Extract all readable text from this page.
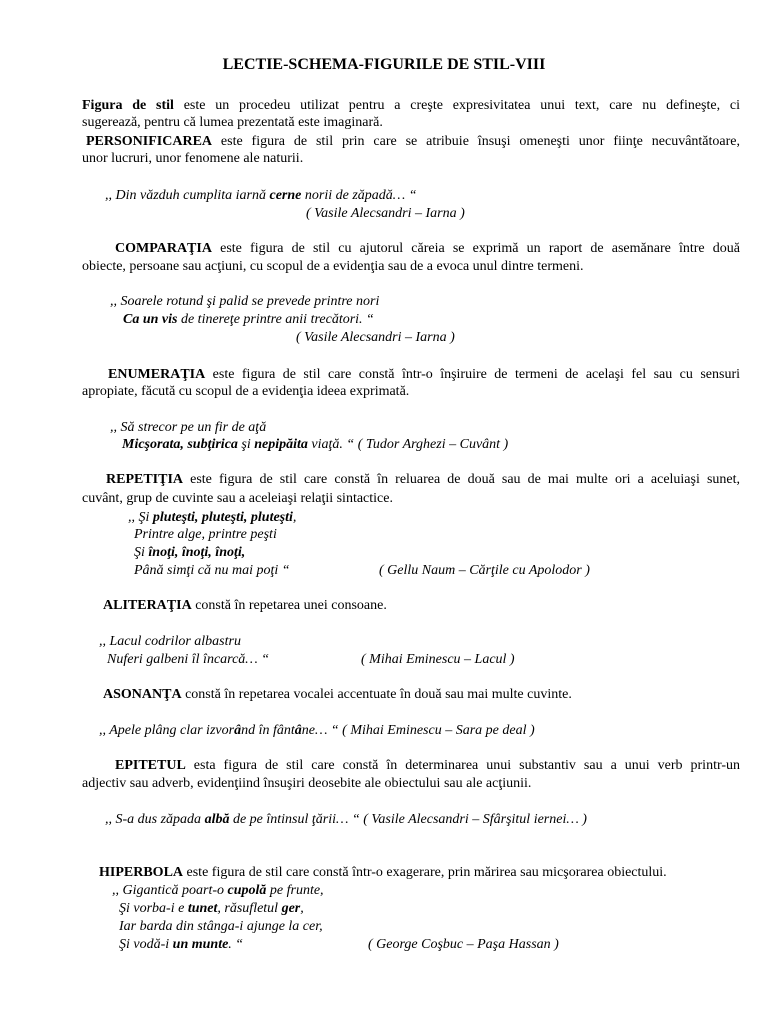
LECTIE-SCHEMA-FIGURILE DE STIL-VIII
Figura de stil este un procedeu utilizat pentru a creşte expresivitatea unui text, care nu defineşte, ci
sugerează, pentru că lumea prezentată este imaginară.
PERSONIFICAREA este figura de stil prin care se atribuie însuşi omeneşti unor fiinţe necuvântătoare,
unor lucruri, unor fenomene ale naturii.
,, Din văzduh cumplita iarnă cerne norii de zăpadă… “
( Vasile Alecsandri – Iarna )
COMPARAŢIA este figura de stil cu ajutorul căreia se exprimă un raport de asemănare între două
obiecte, persoane sau acţiuni, cu scopul de a evidenţia sau de a evoca unul dintre termeni.
,, Soarele rotund şi palid se prevede printre nori
Ca un vis de tinereţe printre anii trecători. “
( Vasile Alecsandri – Iarna )
ENUMERAŢIA este figura de stil care constă într-o înşiruire de termeni de acelaşi fel sau cu sensuri
apropiate, făcută cu scopul de a evidenţia ideea exprimată.
,, Să strecor pe un fir de aţă
Micşorata, subţirica şi nepipăita viaţă. “ ( Tudor Arghezi – Cuvânt )
REPETIŢIA este figura de stil care constă în reluarea de două sau de mai multe ori a aceluiaşi sunet,
cuvânt, grup de cuvinte sau a aceleiaşi relaţii sintactice.
,, Şi pluteşti, pluteşti, pluteşti,
Printre alge, printre peşti
Şi înoţi, înoţi, înoţi,
Până simţi că nu mai poţi “	( Gellu Naum – Cărţile cu Apolodor )
ALITERAŢIA constă în repetarea unei consoane.
,, Lacul codrilor albastru
Nuferi galbeni îl încarcă… “	( Mihai Eminescu – Lacul )
ASONANŢA constă în repetarea vocalei accentuate în două sau mai multe cuvinte.
,, Apele plâng clar izvorând în fântâne… “ ( Mihai Eminescu – Sara pe deal )
EPITETUL esta figura de stil care constă în determinarea unui substantiv sau a unui verb printr-un
adjectiv sau adverb, evidenţiind însuşiri deosebite ale obiectului sau ale acţiunii.
,, S-a dus zăpada albă de pe întinsul ţării… “ ( Vasile Alecsandri – Sfârşitul iernei… )
HIPERBOLA este figura de stil care constă într-o exagerare, prin mărirea sau micşorarea obiectului.
,, Gigantică poart-o cupolă pe frunte,
Şi vorba-i e tunet, răsufletul ger,
Iar barda din stânga-i ajunge la cer,
Şi vodă-i un munte. “	( George Coşbuc – Paşa Hassan )
